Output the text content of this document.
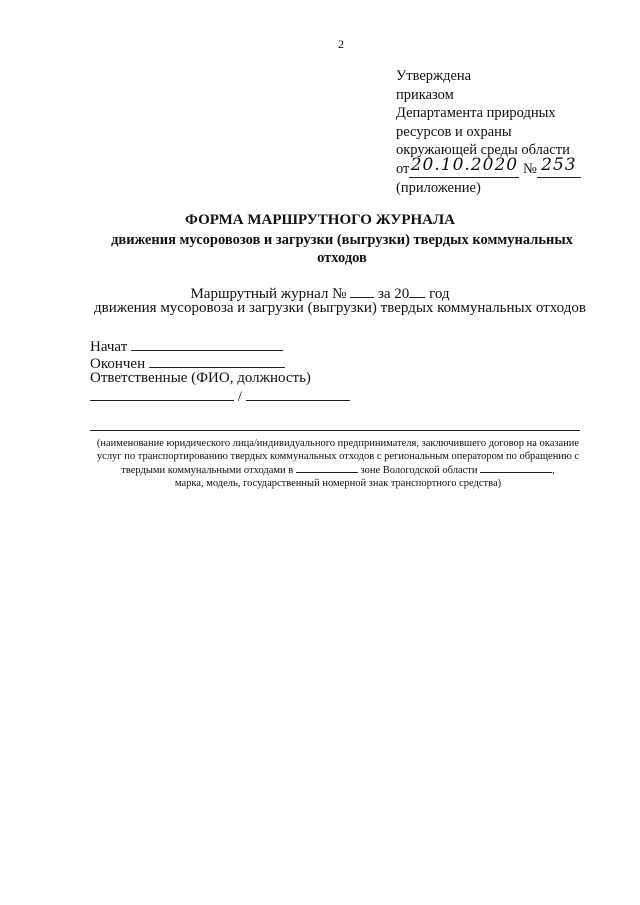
2
Утверждена
приказом
Департамента природных
ресурсов и охраны
окружающей среды области
от20.10.2020 № 253
(приложение)
ФОРМА МАРШРУТНОГО ЖУРНАЛА
движения мусоровозов и загрузки (выгрузки) твердых коммунальных отходов
Маршрутный журнал № за 20 год
движения мусоровоза и загрузки (выгрузки) твердых коммунальных отходов
Начат
Окончен
Ответственные (ФИО, должность)
/
(наименование юридического лица/индивидуального предпринимателя, заключившего договор на оказание
услуг по транспортированию твердых коммунальных отходов с региональным оператором по обращению с
твердыми коммунальными отходами в	зоне Вологодской области	,
марка, модель, государственный номерной знак транспортного средства)
